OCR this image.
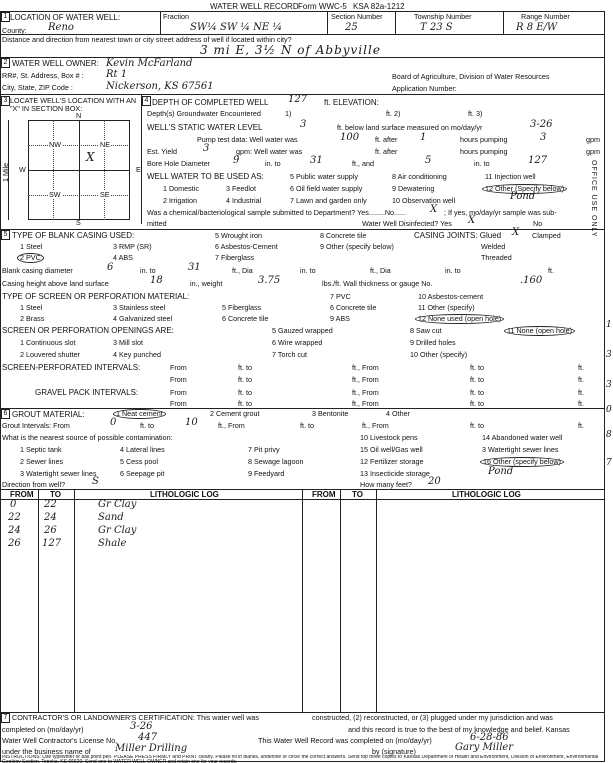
WATER WELL RECORD Form WWC-5 KSA 82a-1212
1 LOCATION OF WATER WELL:
County: Reno
Fraction
SW¼ SW ¼ NE ¼
Section Number
25
Township Number
T 23 S
Range Number
R 8 E/W
Distance and direction from nearest town or city street address of well if located within city?
3 mi E, 3½ N of Abbyville
2 WATER WELL OWNER: Kevin McFarland
RR#, St. Address, Box # : Rt 1
City, State, ZIP Code :	Nickerson, KS 67561
Board of Agriculture, Division of Water Resources
Application Number:
3 LOCATE WELL'S LOCATION WITH AN "X" IN SECTION BOX:
N
S
W	E
1 Mile
NW	NE
SW	SE
X
4 DEPTH OF COMPLETED WELL 127 ft. ELEVATION:
Depth(s) Groundwater Encountered	1)	ft. 2)	ft. 3)
WELL'S STATIC WATER LEVEL	3	ft. below land surface measured on mo/day/yr	3-26
Pump test data: Well water was	100 ft. after 1	hours pumping	3	gpm
Est. Yield	3	gpm: Well water was	ft. after	hours pumping	gpm
Bore Hole Diameter 9	in. to	31	ft., and	5	in. to	127
WELL WATER TO BE USED AS:	5 Public water supply	8 Air conditioning	11 Injection well
1 Domestic	3 Feedlot	6 Oil field water supply	9 Dewatering	12 Other (Specify below)
2 Irrigation	4 Industrial	7 Lawn and garden only	10 Observation well	Pond
Was a chemical/bacteriological sample submitted to Department? Yes........No...... X ; If yes, mo/day/yr sample was sub-
mitted	Water Well Disinfected? Yes X	No
5 TYPE OF BLANK CASING USED:	5 Wrought iron	8 Concrete tile	CASING JOINTS: Glued X Clamped
1 Steel	3 RMP (SR)	6 Asbestos-Cement	9 Other (specify below)	Welded
2 PVC	4 ABS	7 Fiberglass	Threaded
Blank casing diameter	6	in. to	31	ft., Dia	in. to	ft., Dia	in. to	ft.
Casing height above land surface	18	in., weight	3.75	lbs./ft. Wall thickness or gauge No.	.160
TYPE OF SCREEN OR PERFORATION MATERIAL:	7 PVC	10 Asbestos-cement
1 Steel	3 Stainless steel	5 Fiberglass	6 Concrete tile	11 Other (specify)
2 Brass	4 Galvanized steel	6 Concrete tile	9 ABS	12 None used (open hole)
SCREEN OR PERFORATION OPENINGS ARE:	5 Gauzed wrapped	8 Saw cut	11 None (open hole)
1 Continuous slot	3 Mill slot	6 Wire wrapped	9 Drilled holes
2 Louvered shutter	4 Key punched	7 Torch cut	10 Other (specify)
SCREEN-PERFORATED INTERVALS:	From	ft. to	ft., From	ft. to	ft.
From	ft. to	ft., From	ft. to	ft.
GRAVEL PACK INTERVALS:	From	ft. to	ft., From	ft. to	ft.
From	ft. to	ft., From	ft. to	ft.
6 GROUT MATERIAL:	1 Neat cement	2 Cement grout	3 Bentonite	4 Other
Grout Intervals: From	0	ft. to	10	ft., From	ft. to	ft., From	ft. to	ft.
What is the nearest source of possible contamination:	10 Livestock pens	14 Abandoned water well
1 Septic tank	4 Lateral lines	7 Pit privy	15 Oil well/Gas well	3 Watertight sewer lines
2 Sewer lines	5 Cess pool	8 Sewage lagoon	12 Fertilizer storage	16 Other (specify below)
3 Watertight sewer lines	6 Seepage pit	9 Feedyard	13 Insecticide storage	Pond
Direction from well?	S	How many feet? 20
FROM TO	LITHOLOGIC LOG	FROM TO	LITHOLOGIC LOG
0	22	Gr Clay
22 24	Sand
24 26	Gr Clay
26 127	Shale
7 CONTRACTOR'S OR LANDOWNER'S CERTIFICATION: This water well was	constructed, (2) reconstructed, or (3) plugged under my jurisdiction and was
completed on (mo/day/yr)	3-26	and this record is true to the best of my knowledge and belief. Kansas
Water Well Contractor's License No. 447	This Water Well Record was completed on (mo/day/yr)	6-28-86
under the business name of Miller Drilling	by (signature)	Gary Miller
INSTRUCTIONS: Use typewriter or ball point pen. PLEASE PRESS FIRMLY and PRINT clearly. Please fill in blanks, underline or circle the correct answers. Send top three copies to Kansas Department of Health and Environment, Division of Environment, Environmental Geology Section, Topeka, KS 66620. Send one to WATER WELL OWNER and retain one for your records.
OFFICE USE ONLY
1
3
3
0
8
7
